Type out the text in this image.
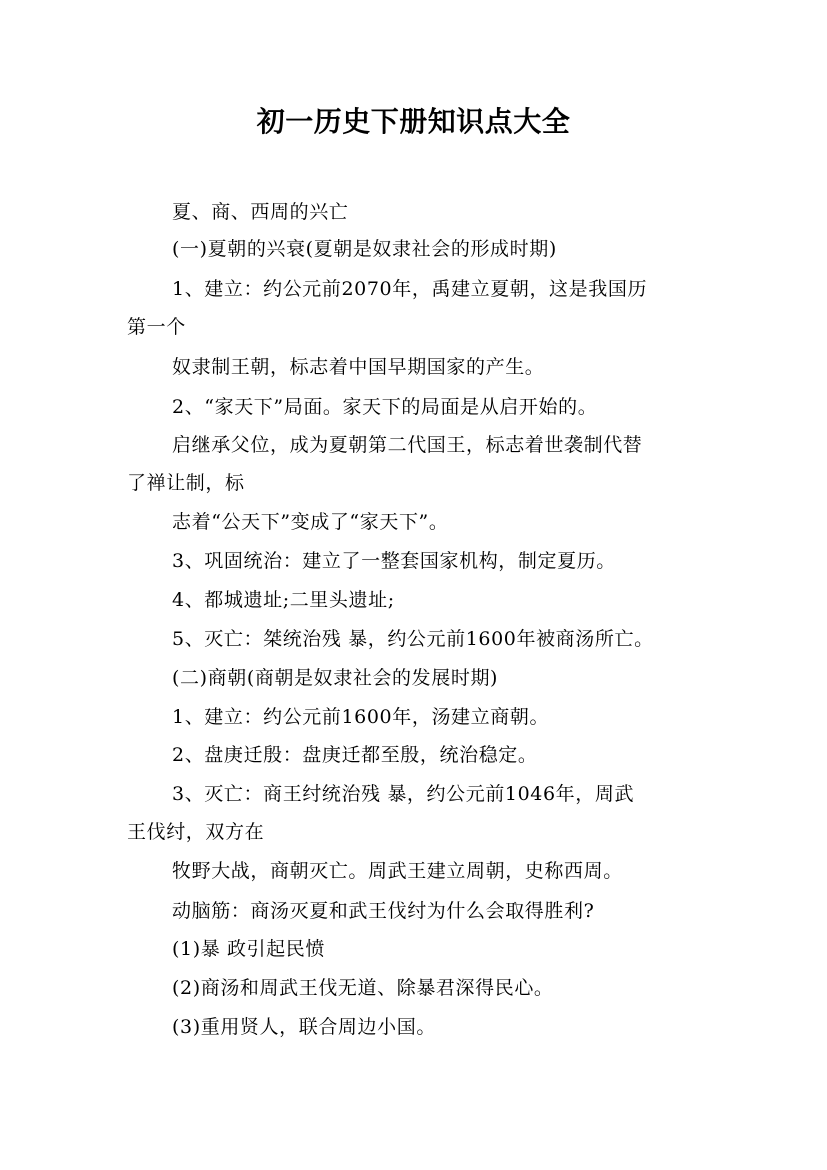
初一历史下册知识点大全
夏、商、西周的兴亡
(一)夏朝的兴衰(夏朝是奴隶社会的形成时期)
1、建立：约公元前2070年，禹建立夏朝，这是我国历
第一个
奴隶制王朝，标志着中国早期国家的产生。
2、“家天下”局面。家天下的局面是从启开始的。
启继承父位，成为夏朝第二代国王，标志着世袭制代替
了禅让制，标
志着“公天下”变成了“家天下”。
3、巩固统治：建立了一整套国家机构，制定夏历。
4、都城遗址;二里头遗址;
5、灭亡：桀统治残 暴，约公元前1600年被商汤所亡。
(二)商朝(商朝是奴隶社会的发展时期)
1、建立：约公元前1600年，汤建立商朝。
2、盘庚迁殷：盘庚迁都至殷，统治稳定。
3、灭亡：商王纣统治残 暴，约公元前1046年，周武
王伐纣，双方在
牧野大战，商朝灭亡。周武王建立周朝，史称西周。
动脑筋：商汤灭夏和武王伐纣为什么会取得胜利?
(1)暴 政引起民愤
(2)商汤和周武王伐无道、除暴君深得民心。
(3)重用贤人，联合周边小国。
